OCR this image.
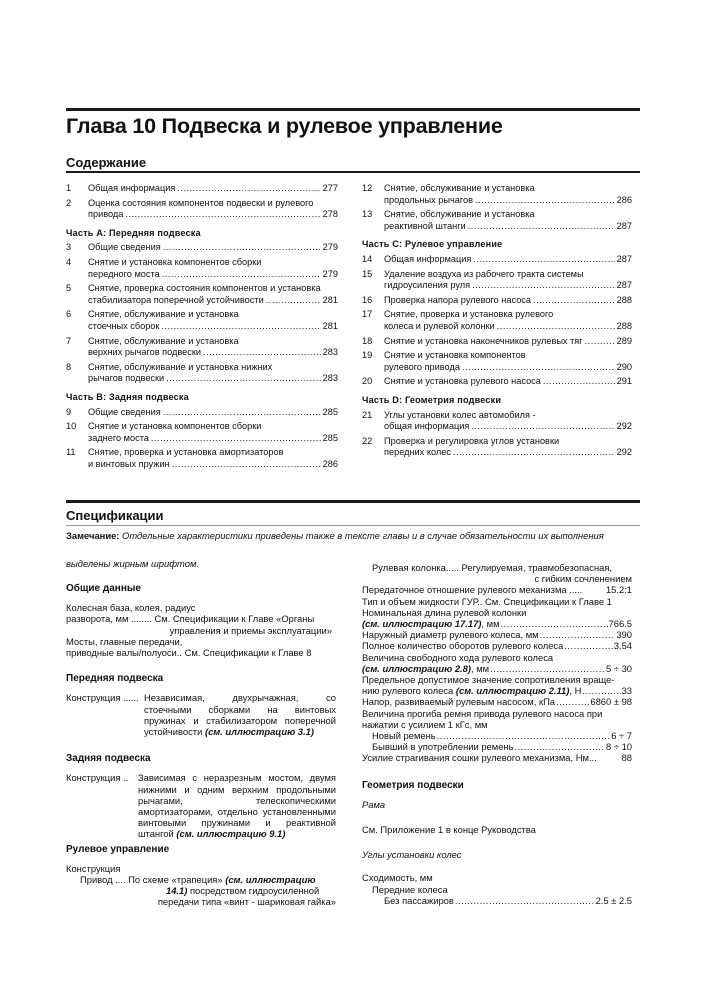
Глава 10 Подвеска и рулевое управление
Содержание
1 Общая информация .....	277
2 Оценка состояния компонентов подвески и рулевого
привода .....	278
Часть A: Передняя подвеска
3 Общие сведения .....	279
4 Снятие и установка компонентов сборки
передного моста .....	279
5 Снятие, проверка состояния компонентов и установка
стабилизатора поперечной устойчивости .....	281
6 Снятие, обслуживание и установка
стоечных сборок .....	281
7 Снятие, обслуживание и установка
верхних рычагов подвески .....	283
8 Снятие, обслуживание и установка нижних
рычагов подвески .....	283
Часть B: Задняя подвеска
9 Общие сведения .....	285
10 Снятие и установка компонентов сборки
заднего моста .....	285
11 Снятие, проверка и установка амортизаторов
и винтовых пружин .....	286
12 Снятие, обслуживание и установка
продольных рычагов .....	286
13 Снятие, обслуживание и установка
реактивной штанги .....	287
Часть C: Рулевое управление
14 Общая информация .....	287
15 Удаление воздуха из рабочего тракта системы
гидроусиления руля .....	287
16 Проверка напора рулевого насоса .....	288
17 Снятие, проверка и установка рулевого
колеса и рулевой колонки .....	288
18 Снятие и установка наконечников рулевых тяг .....	289
19 Снятие и установка компонентов
рулевого привода .....	290
20 Снятие и установка рулевого насоса .....	291
Часть D: Геометрия подвески
21 Углы установки колес автомобиля -
общая информация .....	292
22 Проверка и регулировка углов установки
передних колес .....	292
Спецификации
Замечание: Отдельные характеристики приведены также в тексте главы и в случае обязательности их выполнения
выделены жирным шрифтом.
Общие данные
Колесная база, колея, радиус
разворота, мм ........ См. Спецификации к Главе «Органы
управления и приемы эксплуатации»
Мосты, главные передачи,
приводные валы/полуоси.. См. Спецификации к Главе 8
Передняя подвеска
Конструкция ...... Независимая, двухрычажная, со стоечными сборками на винтовых пружинах и стабилизатором поперечной устойчивости (см. иллюстрацию 3.1)
Задняя подвеска
Конструкция ..	Зависимая с неразрезным мостом, двумя нижними и одним верхним продольными рычагами, телескопическими амортизаторами, отдельно установленными винтовыми пружинами и реактивной штангой (см. иллюстрацию 9.1)
Рулевое управление
Конструкция
Привод .... По схеме «трапеция» (см. иллюстрацию
14.1) посредством гидроусиленной
передачи типа «винт - шариковая гайка»
Рулевая колонка..... Регулируемая, травмобезопасная,
с гибким сочленением
Передаточное отношение рулевого механизма .....	15.2:1
Тип и объем жидкости ГУР.. См. Спецификации к Главе 1
Номинальная длина рулевой колонки
(см. иллюстрацию 17.17) , мм .....	766.5
Наружный диаметр рулевого колеса, мм .....	390
Полное количество оборотов рулевого колеса .....	3.54
Величина свободного хода рулевого колеса
(см. иллюстрацию 2.8) , мм .....	5 ÷ 30
Предельное допустимое значение сопротивления враще-
нию рулевого колеса
(см. иллюстрацию 2.11) , Н .....	33
Напор, развиваемый рулевым насосом, кПа .....	6860 ± 98
Величина прогиба ремня привода рулевого насоса при
нажатии с усилием 1 кГс, мм
Новый ремень .....	6 ÷ 7
Бывший в употреблении ремень .....	8 ÷ 10
Усилие страгивания сошки рулевого механизма, Нм...	88
Геометрия подвески
Рама
См. Приложение 1 в конце Руководства
Углы установки колес
Сходимость, мм
Передние колеса
Без пассажиров .....	2.5 ± 2.5
